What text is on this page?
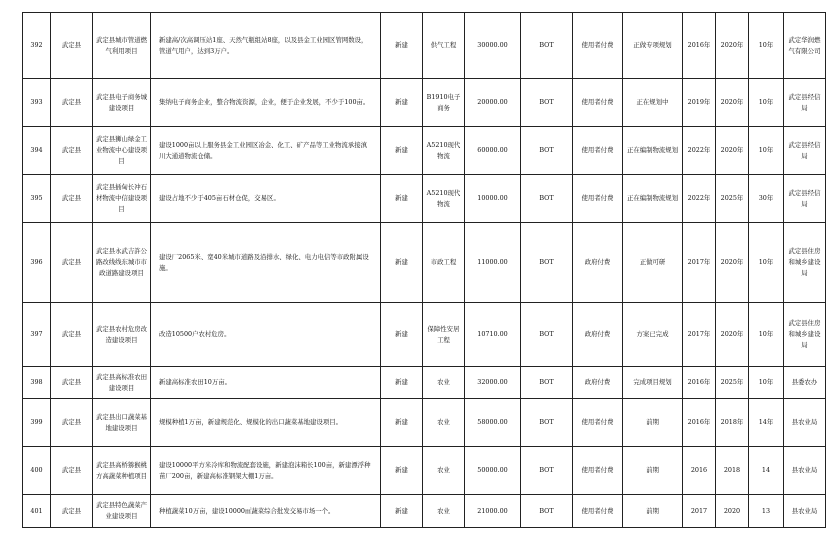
392	武定县	武定县城市管道燃气利用项目	新建高/次高调压站1座、天然气瓶组站8座，以及县金工业园区管网数设，管道气用户，达到3万户。	新建	供气工程	30000.00	BOT	使用者付费	正做专项规划	2016年	2020年	10年	武定华润燃气有限公司
393	武定县	武定县电子商务城建设项目	集纳电子商务企业，整合物流资源，企业，便于企业发展，不少于100亩。	新建	B1910电子商务	20000.00	BOT	使用者付费	正在规划中	2019年	2020年	10年	武定县经信局
394	武定县	武定县狮山绿金工业物流中心建设项目	建设1000亩以上服务县金工业园区冶金、化工、矿产品等工业物流承接滇川大通道物流仓储。	新建	A5210现代物流	60000.00	BOT	使用者付费	正在编制物流规划	2022年	2020年	10年	武定县经信局
395	武定县	武定县插甸长冲石材物流中信建设项目	建设占地不少于405亩石材仓促，交易区。	新建	A5210现代物流	10000.00	BOT	使用者付费	正在编制物流规划	2022年	2025年	30年	武定县经信局
396	武定县	武定县永武吉許公路改线线东城市市政道路建设项目	建设厂2065米、宽40米城市道路及沿排水、绿化、电力电信等市政附属设施。	新建	市政工程	11000.00	BOT	政府付费	正做可研	2017年	2020年	10年	武定县住房和城乡建设局
397	武定县	武定县农村危房改造建设项目	改造10500户农村危房。	新建	保障性安居工程	10710.00	BOT	政府付费	方案已完成	2017年	2020年	10年	武定县住房和城乡建设局
398	武定县	武定县高标准农田建设项目	新建高标准农田10万亩。	新建	农业	32000.00	BOT	政府付费	完成项目规划	2016年	2025年	10年	县委农办
399	武定县	武定县出口蔬菜基地建设项目	规模种植1万亩，新建规范化、规模化的出口蔬菜基地建设项目。	新建	农业	58000.00	BOT	使用者付费	前期	2016年	2018年	14年	县农业局
400	武定县	武定县高桥猕猴桃方高蔬菜种植项目	建设10000平方米冷库和物流配套设施，新建泡沫箱长100亩，新建漂浮种苗厂200亩，新建高标准钢架大棚1万亩。	新建	农业	50000.00	BOT	使用者付费	前期	2016	2018	14	县农业局
401	武定县	武定县特色蔬菜产业建设项目	种植蔬菜10万亩，建设10000㎡蔬菜综合批发交易市场一个。	新建	农业	21000.00	BOT	使用者付费	前期	2017	2020	13	县农业局
